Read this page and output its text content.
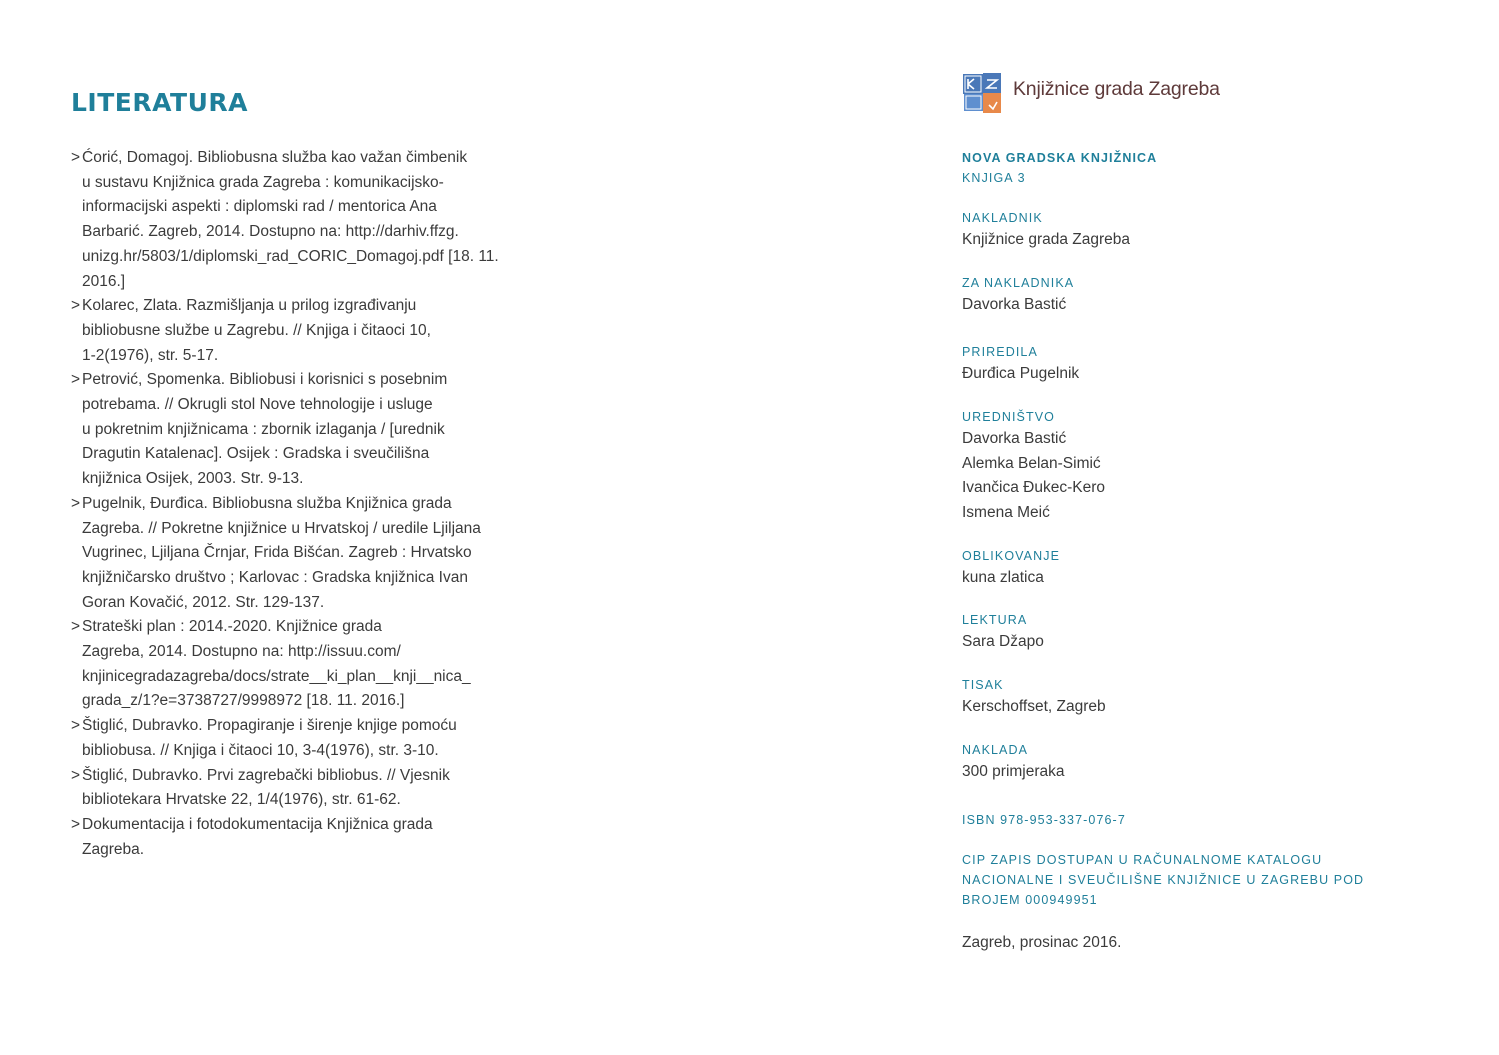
LITERATURA
> Ćorić, Domagoj. Bibliobusna služba kao važan čimbenik
u sustavu Knjižnica grada Zagreba : komunikacijsko-
informacijski aspekti : diplomski rad / mentorica Ana
Barbarić. Zagreb, 2014. Dostupno na: http://darhiv.ffzg.
unizg.hr/5803/1/diplomski_rad_CORIC_Domagoj.pdf [18. 11.
2016.]
> Kolarec, Zlata. Razmišljanja u prilog izgrađivanju
bibliobusne službe u Zagrebu. // Knjiga i čitaoci 10,
1-2(1976), str. 5-17.
> Petrović, Spomenka. Bibliobusi i korisnici s posebnim
potrebama. // Okrugli stol Nove tehnologije i usluge
u pokretnim knjižnicama : zbornik izlaganja / [urednik
Dragutin Katalenac]. Osijek : Gradska i sveučilišna
knjižnica Osijek, 2003. Str. 9-13.
> Pugelnik, Đurđica. Bibliobusna služba Knjižnica grada
Zagreba. // Pokretne knjižnice u Hrvatskoj / uredile Ljiljana
Vugrinec, Ljiljana Črnjar, Frida Bišćan. Zagreb : Hrvatsko
knjižničarsko društvo ; Karlovac : Gradska knjižnica Ivan
Goran Kovačić, 2012. Str. 129-137.
> Strateški plan : 2014.-2020. Knjižnice grada
Zagreba, 2014. Dostupno na: http://issuu.com/
knjinicegradazagreba/docs/strate__ki_plan__knji__nica_
grada_z/1?e=3738727/9998972 [18. 11. 2016.]
> Štiglić, Dubravko. Propagiranje i širenje knjige pomoću
bibliobusa. // Knjiga i čitaoci 10, 3-4(1976), str. 3-10.
> Štiglić, Dubravko. Prvi zagrebački bibliobus. // Vjesnik
bibliotekara Hrvatske 22, 1/4(1976), str. 61-62.
> Dokumentacija i fotodokumentacija Knjižnica grada
Zagreba.
Knjižnice grada Zagreba
NOVA GRADSKA KNJIŽNICA
KNJIGA 3
NAKLADNIK
Knjižnice grada Zagreba
ZA NAKLADNIKA
Davorka Bastić
PRIREDILA
Đurđica Pugelnik
UREDNIŠTVO
Davorka Bastić
Alemka Belan-Simić
Ivančica Đukec-Kero
Ismena Meić
OBLIKOVANJE
kuna zlatica
LEKTURA
Sara Džapo
TISAK
Kerschoffset, Zagreb
NAKLADA
300 primjeraka
ISBN 978-953-337-076-7
CIP ZAPIS DOSTUPAN U RAČUNALNOME KATALOGU
NACIONALNE I SVEUČILIŠNE KNJIŽNICE U ZAGREBU POD
BROJEM 000949951
Zagreb, prosinac 2016.
